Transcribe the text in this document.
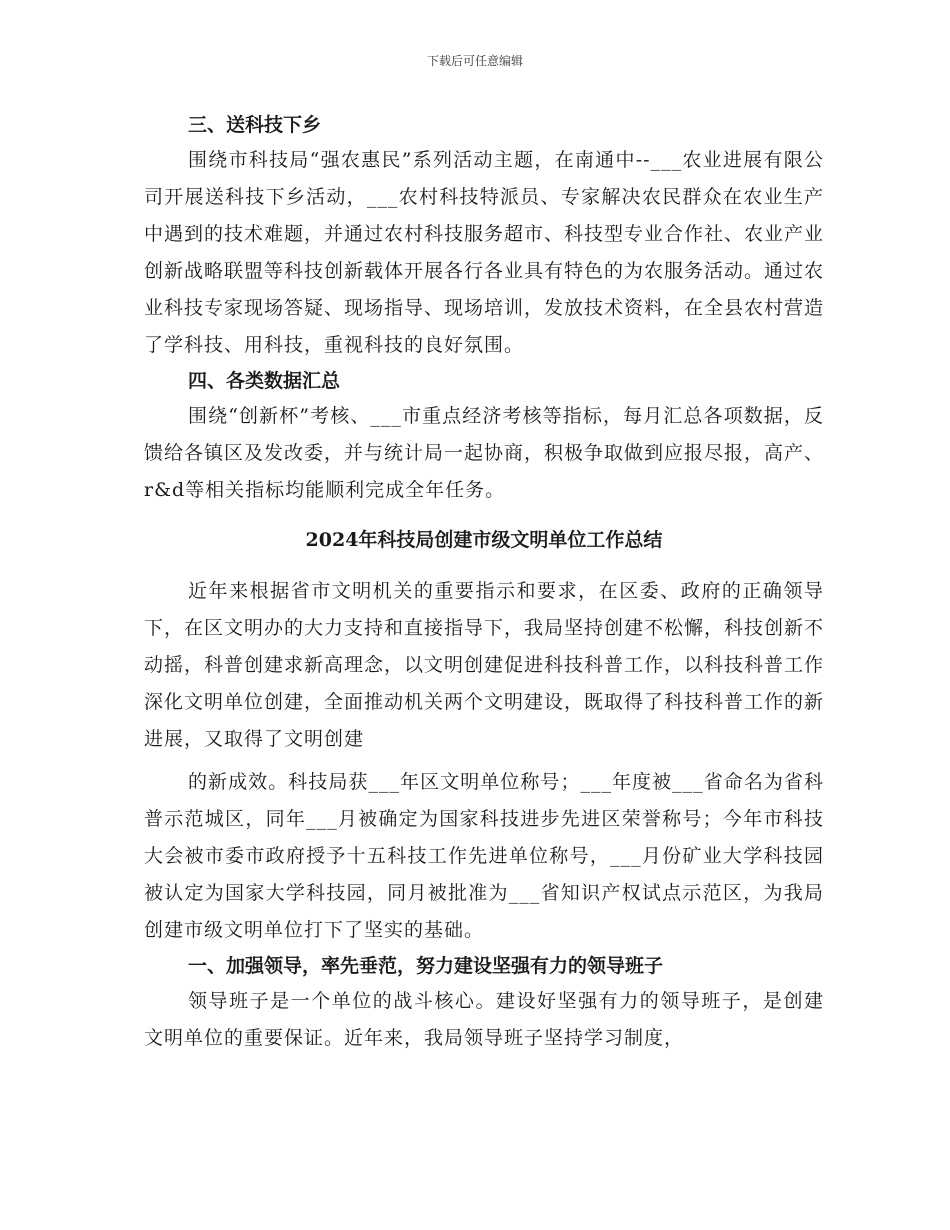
下载后可任意编辑
三、送科技下乡

围绕市科技局“强农惠民”系列活动主题，在南通中--___农业进展有限公司开展送科技下乡活动，___农村科技特派员、专家解决农民群众在农业生产中遇到的技术难题，并通过农村科技服务超市、科技型专业合作社、农业产业创新战略联盟等科技创新载体开展各行各业具有特色的为农服务活动。通过农业科技专家现场答疑、现场指导、现场培训，发放技术资料，在全县农村营造了学科技、用科技，重视科技的良好氛围。

四、各类数据汇总

围绕“创新杯”考核、___市重点经济考核等指标，每月汇总各项数据，反馈给各镇区及发改委，并与统计局一起协商，积极争取做到应报尽报，高产、r&d等相关指标均能顺利完成全年任务。

2024年科技局创建市级文明单位工作总结

近年来根据省市文明机关的重要指示和要求，在区委、政府的正确领导下，在区文明办的大力支持和直接指导下，我局坚持创建不松懈，科技创新不动摇，科普创建求新高理念，以文明创建促进科技科普工作，以科技科普工作深化文明单位创建，全面推动机关两个文明建设，既取得了科技科普工作的新进展，又取得了文明创建

的新成效。科技局获___年区文明单位称号；___年度被___省命名为省科普示范城区，同年___月被确定为国家科技进步先进区荣誉称号；今年市科技大会被市委市政府授予十五科技工作先进单位称号，___月份矿业大学科技园被认定为国家大学科技园，同月被批准为___省知识产权试点示范区，为我局创建市级文明单位打下了坚实的基础。

一、加强领导，率先垂范，努力建设坚强有力的领导班子

领导班子是一个单位的战斗核心。建设好坚强有力的领导班子，是创建文明单位的重要保证。近年来，我局领导班子坚持学习制度，
